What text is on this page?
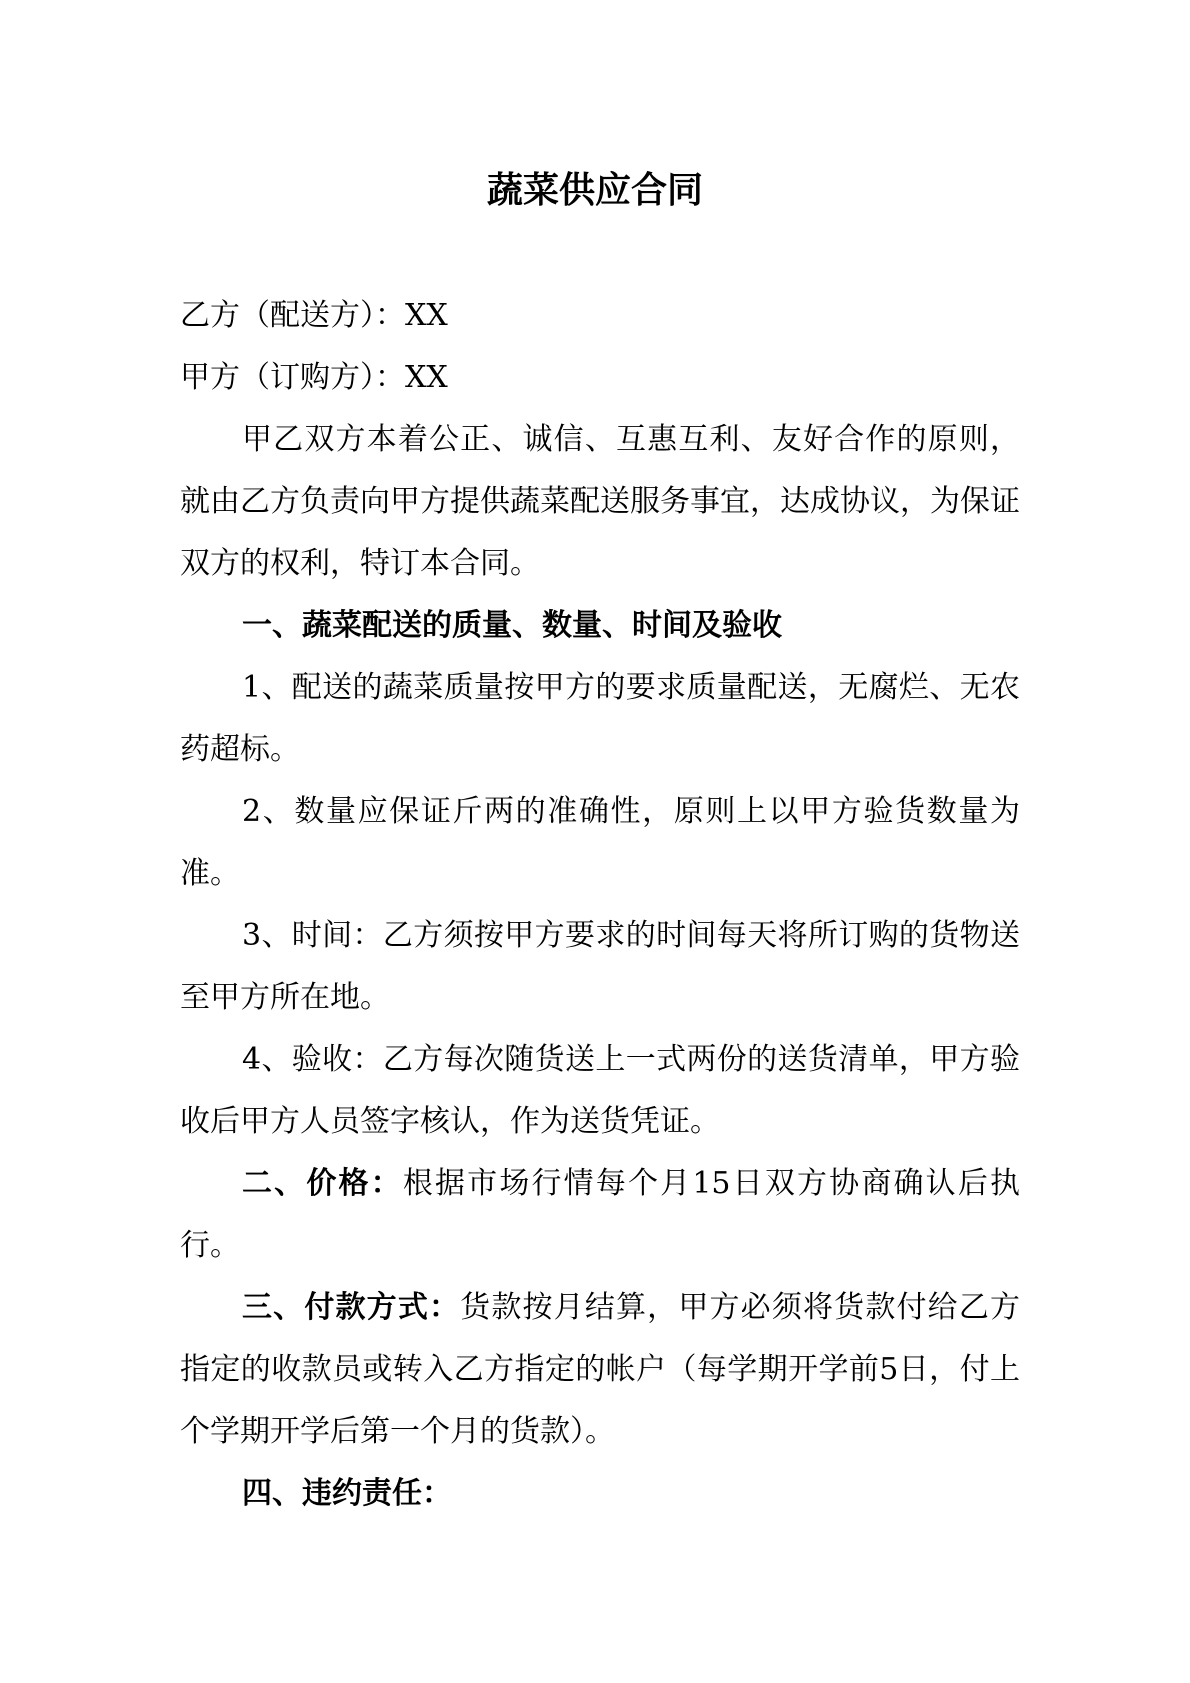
蔬菜供应合同

乙方（配送方）：XX

甲方（订购方）：XX

甲乙双方本着公正、诚信、互惠互利、友好合作的原则，就由乙方负责向甲方提供蔬菜配送服务事宜，达成协议，为保证双方的权利，特订本合同。

一、蔬菜配送的质量、数量、时间及验收

1、配送的蔬菜质量按甲方的要求质量配送，无腐烂、无农药超标。

2、数量应保证斤两的准确性，原则上以甲方验货数量为准。

3、时间：乙方须按甲方要求的时间每天将所订购的货物送至甲方所在地。

4、验收：乙方每次随货送上一式两份的送货清单，甲方验收后甲方人员签字核认，作为送货凭证。

二、价格：根据市场行情每个月15日双方协商确认后执行。

三、付款方式：货款按月结算，甲方必须将货款付给乙方指定的收款员或转入乙方指定的帐户（每学期开学前5日，付上个学期开学后第一个月的货款）。

四、违约责任：
